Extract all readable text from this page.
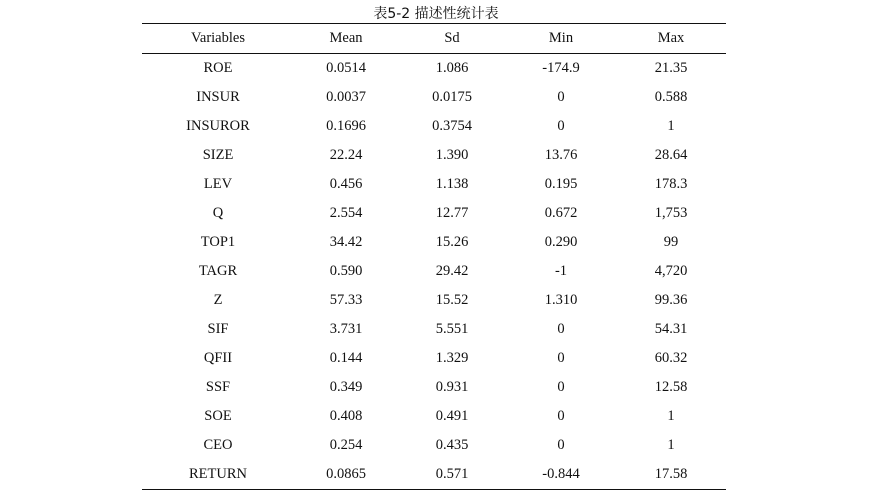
表5-2 描述性统计表
Variables	Mean	Sd	Min	Max
ROE	0.0514	1.086	-174.9	21.35
INSUR	0.0037	0.0175	0	0.588
INSUROR	0.1696	0.3754	0	1
SIZE	22.24	1.390	13.76	28.64
LEV	0.456	1.138	0.195	178.3
Q	2.554	12.77	0.672	1,753
TOP1	34.42	15.26	0.290	99
TAGR	0.590	29.42	-1	4,720
Z	57.33	15.52	1.310	99.36
SIF	3.731	5.551	0	54.31
QFII	0.144	1.329	0	60.32
SSF	0.349	0.931	0	12.58
SOE	0.408	0.491	0	1
CEO	0.254	0.435	0	1
RETURN	0.0865	0.571	-0.844	17.58
